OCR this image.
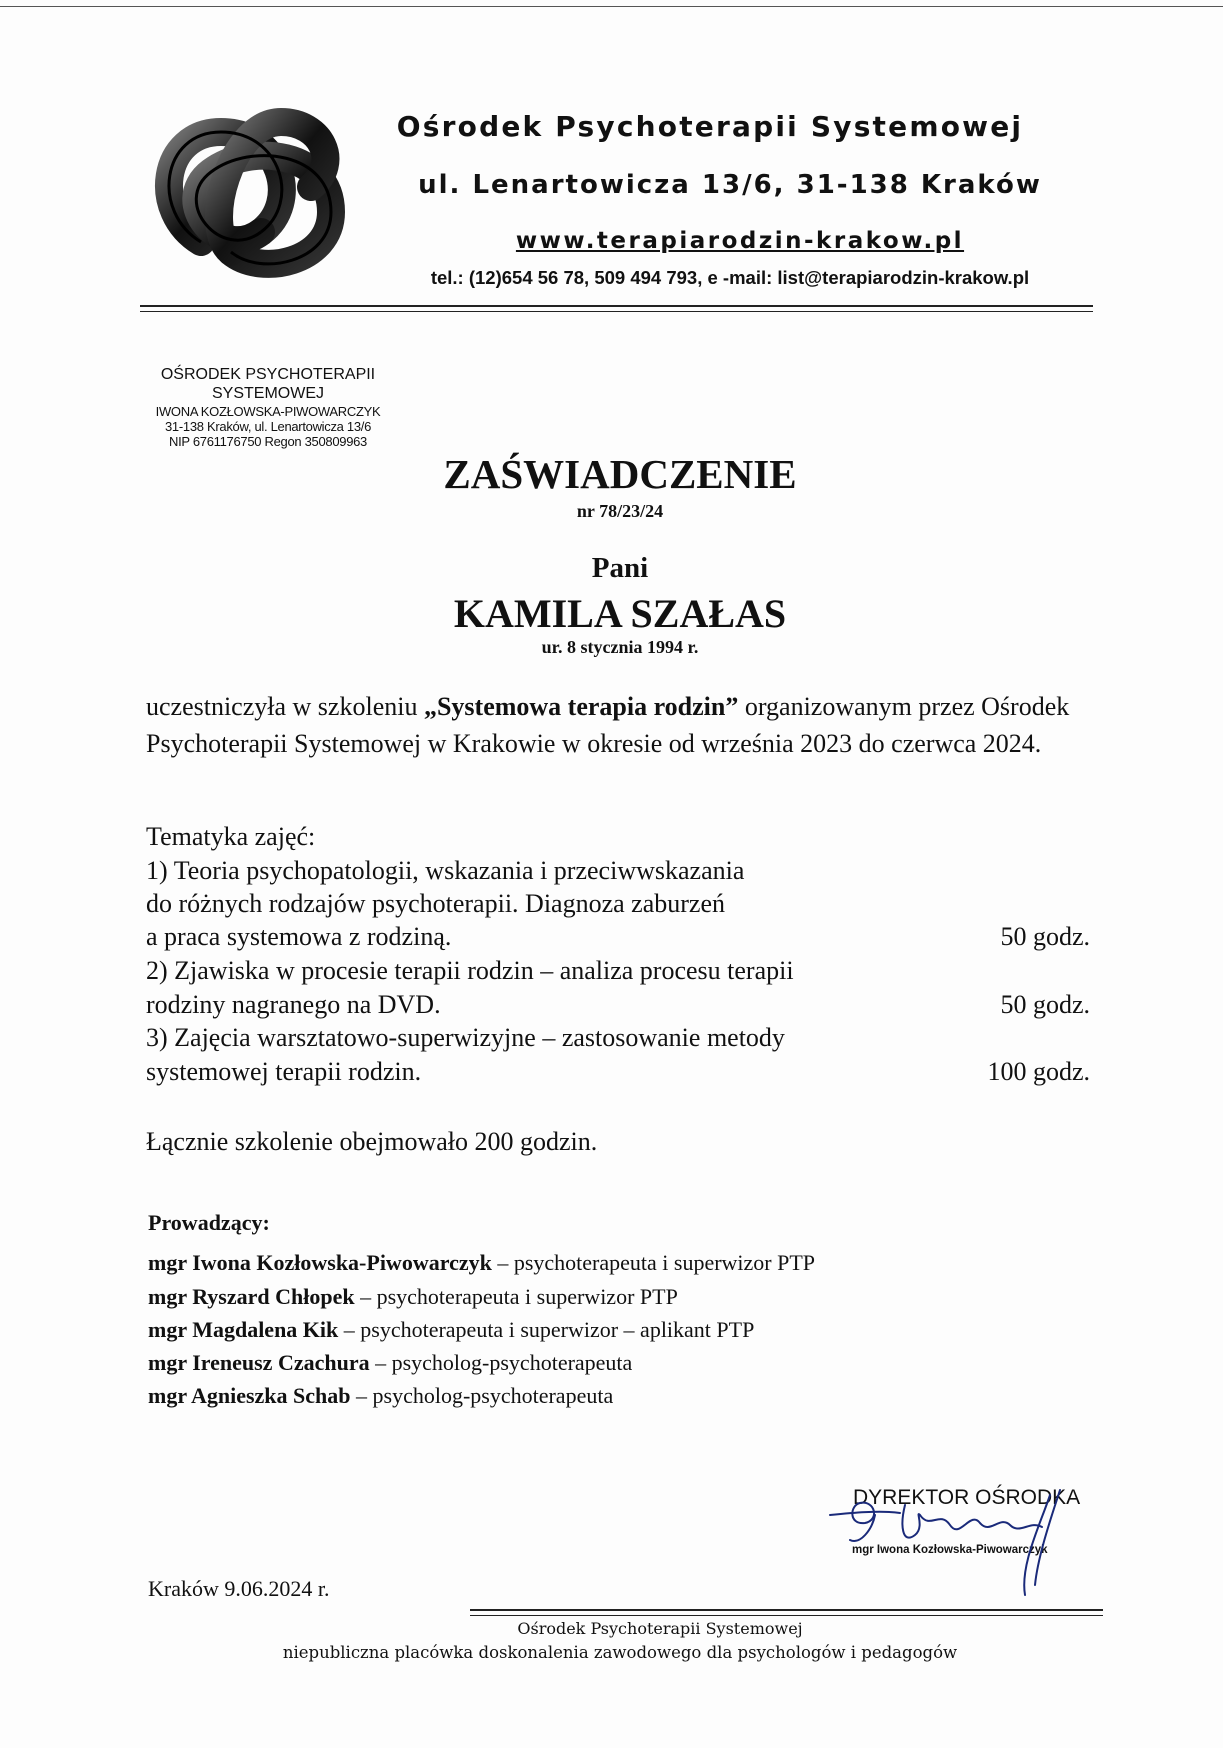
Ośrodek Psychoterapii Systemowej
ul. Lenartowicza 13/6, 31-138 Kraków
www.terapiarodzin-krakow.pl
tel.: (12)654 56 78, 509 494 793, e -mail: list@terapiarodzin-krakow.pl
OŚRODEK PSYCHOTERAPII
SYSTEMOWEJ
IWONA KOZŁOWSKA-PIWOWARCZYK
31-138 Kraków, ul. Lenartowicza 13/6
NIP 6761176750 Regon 350809963
ZAŚWIADCZENIE
nr 78/23/24
Pani
KAMILA SZAŁAS
ur. 8 stycznia 1994 r.
uczestniczyła w szkoleniu „Systemowa terapia rodzin” organizowanym przez Ośrodek Psychoterapii Systemowej w Krakowie w okresie od września 2023 do czerwca 2024.
Tematyka zajęć:
1) Teoria psychopatologii, wskazania i przeciwwskazania
do różnych rodzajów psychoterapii. Diagnoza zaburzeń
a praca systemowa z rodziną.	50 godz.
2) Zjawiska w procesie terapii rodzin – analiza procesu terapii
rodziny nagranego na DVD.	50 godz.
3) Zajęcia warsztatowo-superwizyjne – zastosowanie metody
systemowej terapii rodzin.	100 godz.
Łącznie szkolenie obejmowało 200 godzin.
Prowadzący:
mgr Iwona Kozłowska-Piwowarczyk – psychoterapeuta i superwizor PTP
mgr Ryszard Chłopek – psychoterapeuta i superwizor PTP
mgr Magdalena Kik – psychoterapeuta i superwizor – aplikant PTP
mgr Ireneusz Czachura – psycholog-psychoterapeuta
mgr Agnieszka Schab – psycholog-psychoterapeuta
DYREKTOR OŚRODKA
mgr Iwona Kozłowska-Piwowarczyk
Kraków 9.06.2024 r.
Ośrodek Psychoterapii Systemowej
niepubliczna placówka doskonalenia zawodowego dla psychologów i pedagogów
